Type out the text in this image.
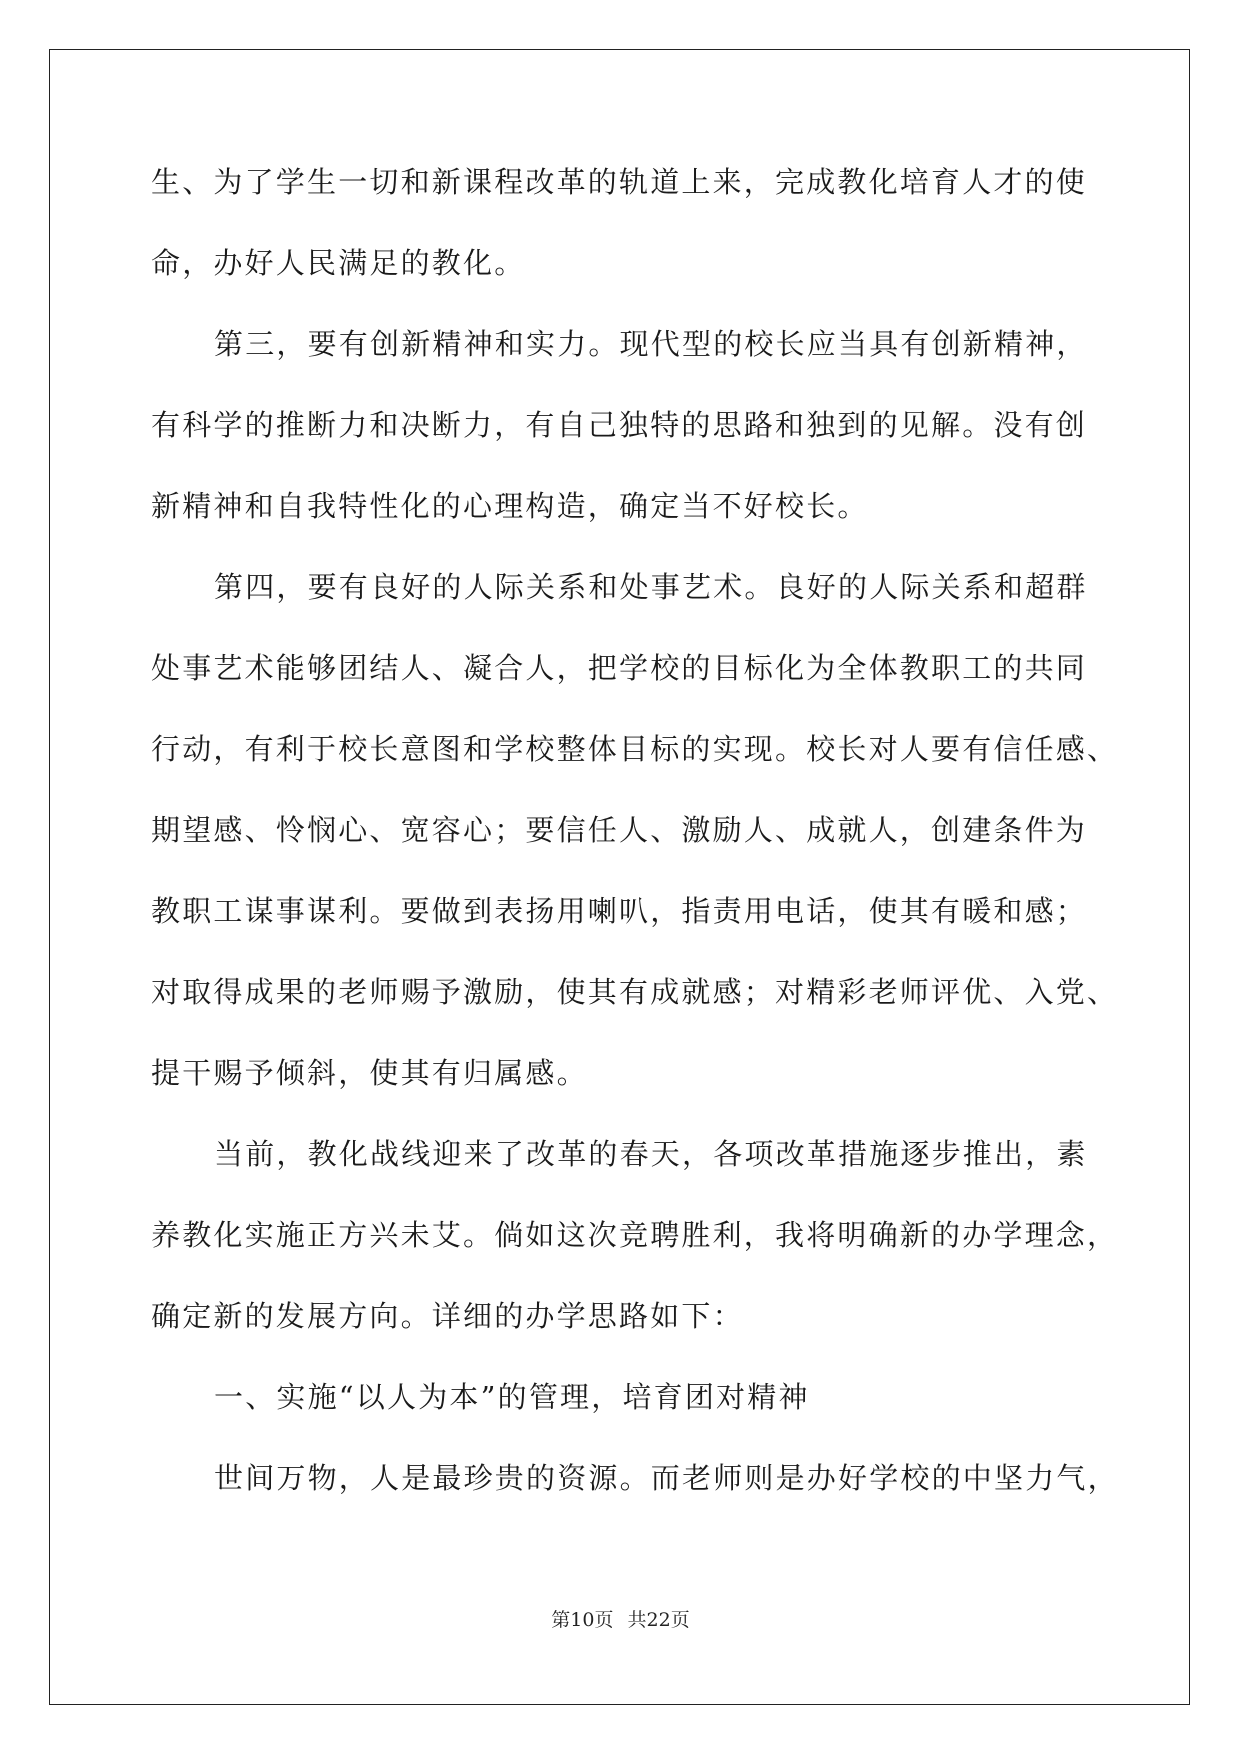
生、为了学生一切和新课程改革的轨道上来，完成教化培育人才的使
命，办好人民满足的教化。
第三，要有创新精神和实力。现代型的校长应当具有创新精神，
有科学的推断力和决断力，有自己独特的思路和独到的见解。没有创
新精神和自我特性化的心理构造，确定当不好校长。
第四，要有良好的人际关系和处事艺术。良好的人际关系和超群
处事艺术能够团结人、凝合人，把学校的目标化为全体教职工的共同
行动，有利于校长意图和学校整体目标的实现。校长对人要有信任感、
期望感、怜悯心、宽容心；要信任人、激励人、成就人，创建条件为
教职工谋事谋利。要做到表扬用喇叭，指责用电话，使其有暖和感；
对取得成果的老师赐予激励，使其有成就感；对精彩老师评优、入党、
提干赐予倾斜，使其有归属感。
当前，教化战线迎来了改革的春天，各项改革措施逐步推出，素
养教化实施正方兴未艾。倘如这次竞聘胜利，我将明确新的办学理念，
确定新的发展方向。详细的办学思路如下：
一、实施“以人为本”的管理，培育团对精神
世间万物，人是最珍贵的资源。而老师则是办好学校的中坚力气，
第10页 共22页
